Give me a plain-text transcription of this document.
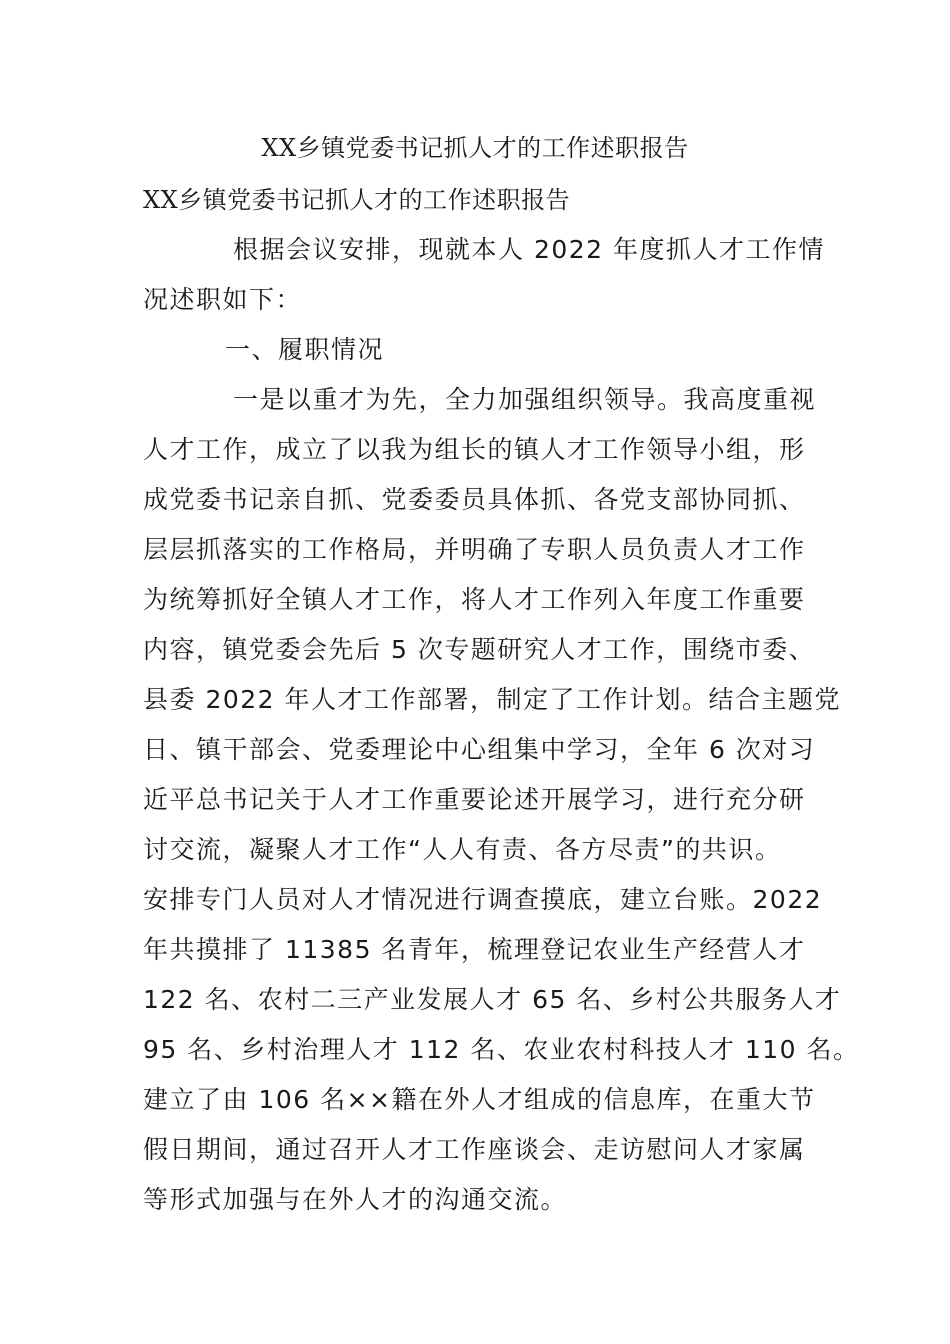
XX乡镇党委书记抓人才的工作述职报告
XX乡镇党委书记抓人才的工作述职报告
根据会议安排，现就本人 2022 年度抓人才工作情
况述职如下：
一、履职情况
一是以重才为先，全力加强组织领导。我高度重视
人才工作，成立了以我为组长的镇人才工作领导小组，形
成党委书记亲自抓、党委委员具体抓、各党支部协同抓、
层层抓落实的工作格局，并明确了专职人员负责人才工作
为统筹抓好全镇人才工作，将人才工作列入年度工作重要
内容，镇党委会先后 5 次专题研究人才工作，围绕市委、
县委 2022 年人才工作部署，制定了工作计划。结合主题党
日、镇干部会、党委理论中心组集中学习，全年 6 次对习
近平总书记关于人才工作重要论述开展学习，进行充分研
讨交流，凝聚人才工作“人人有责、各方尽责”的共识。
安排专门人员对人才情况进行调查摸底，建立台账。2022
年共摸排了 11385 名青年，梳理登记农业生产经营人才
122 名、农村二三产业发展人才 65 名、乡村公共服务人才
95 名、乡村治理人才 112 名、农业农村科技人才 110 名。
建立了由 106 名××籍在外人才组成的信息库，在重大节
假日期间，通过召开人才工作座谈会、走访慰问人才家属
等形式加强与在外人才的沟通交流。
